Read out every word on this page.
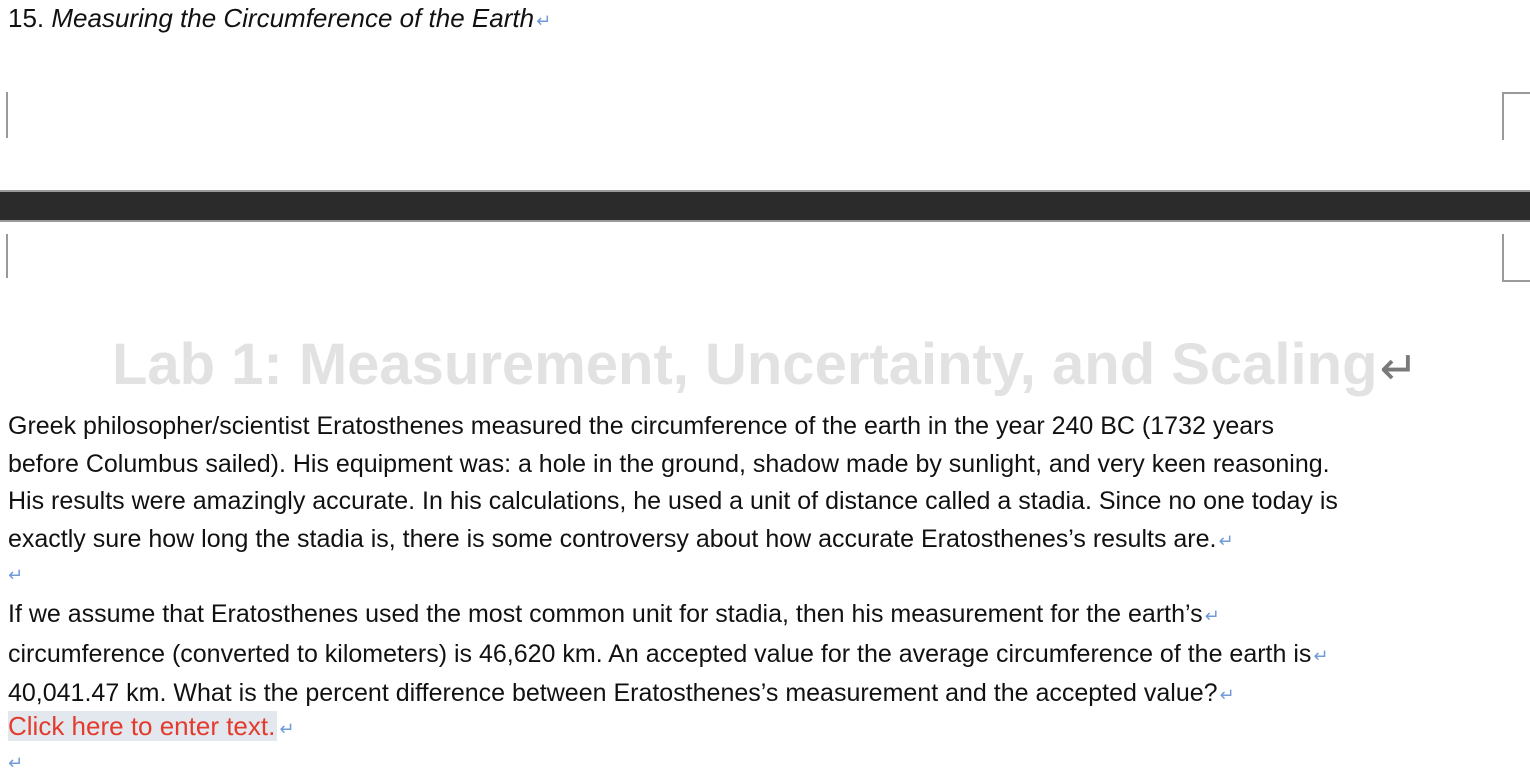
15. Measuring the Circumference of the Earth ↵
Lab 1: Measurement, Uncertainty, and Scaling↵
Greek philosopher/scientist Eratosthenes measured the circumference of the earth in the year 240 BC (1732 years
before Columbus sailed). His equipment was: a hole in the ground, shadow made by sunlight, and very keen reasoning.
His results were amazingly accurate. In his calculations, he used a unit of distance called a stadia. Since no one today is
exactly sure how long the stadia is, there is some controversy about how accurate Eratosthenes’s results are. ↵
↵
If we assume that Eratosthenes used the most common unit for stadia, then his measurement for the earth’s ↵
circumference (converted to kilometers) is 46,620 km. An accepted value for the average circumference of the earth is ↵
40,041.47 km. What is the percent difference between Eratosthenes’s measurement and the accepted value? ↵
Click here to enter text. ↵
↵
